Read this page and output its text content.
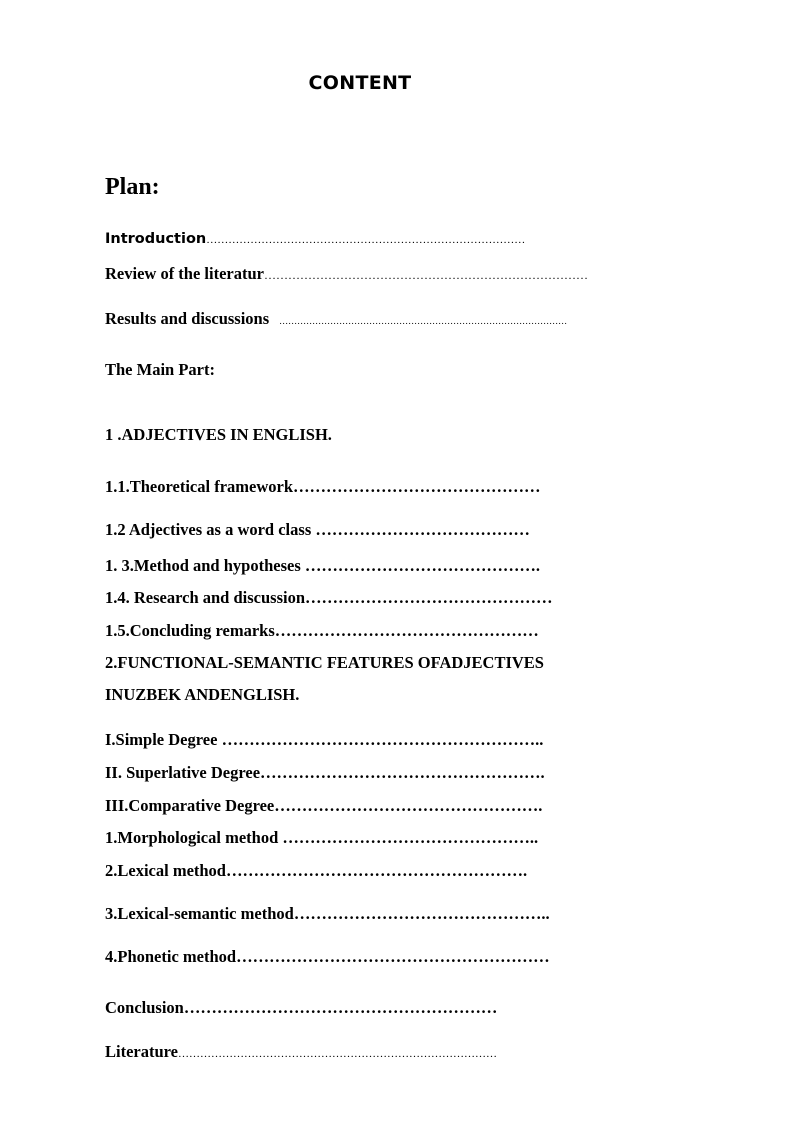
CONTENT
Plan:
Introduction……………………………………………………………………………
Review of the literatur………………………………………………………………………
Results and discussions ……………………………………………………………………………………
The Main Part:
1 .ADJECTIVES IN ENGLISH.
1.1.Theoretical framework………………………………………
1.2 Adjectives as a word class …………………………………
1. 3.Method and hypotheses …………………………………….
1.4. Research and discussion………………………………………
1.5.Concluding remarks…………………………………………
2.FUNCTIONAL-SEMANTIC FEATURES OFADJECTIVES
INUZBEK ANDENGLISH.
I.Simple Degree …………………………………………………..
II. Superlative Degree…………………………………………….
III.Comparative Degree………………………………………….
1.Morphological method ………………………………………..
2.Lexical method……………………………………………….
3.Lexical-semantic method………………………………………..
4.Phonetic method…………………………………………………
Conclusion…………………………………………………
Literature……………………………………………………………………………
